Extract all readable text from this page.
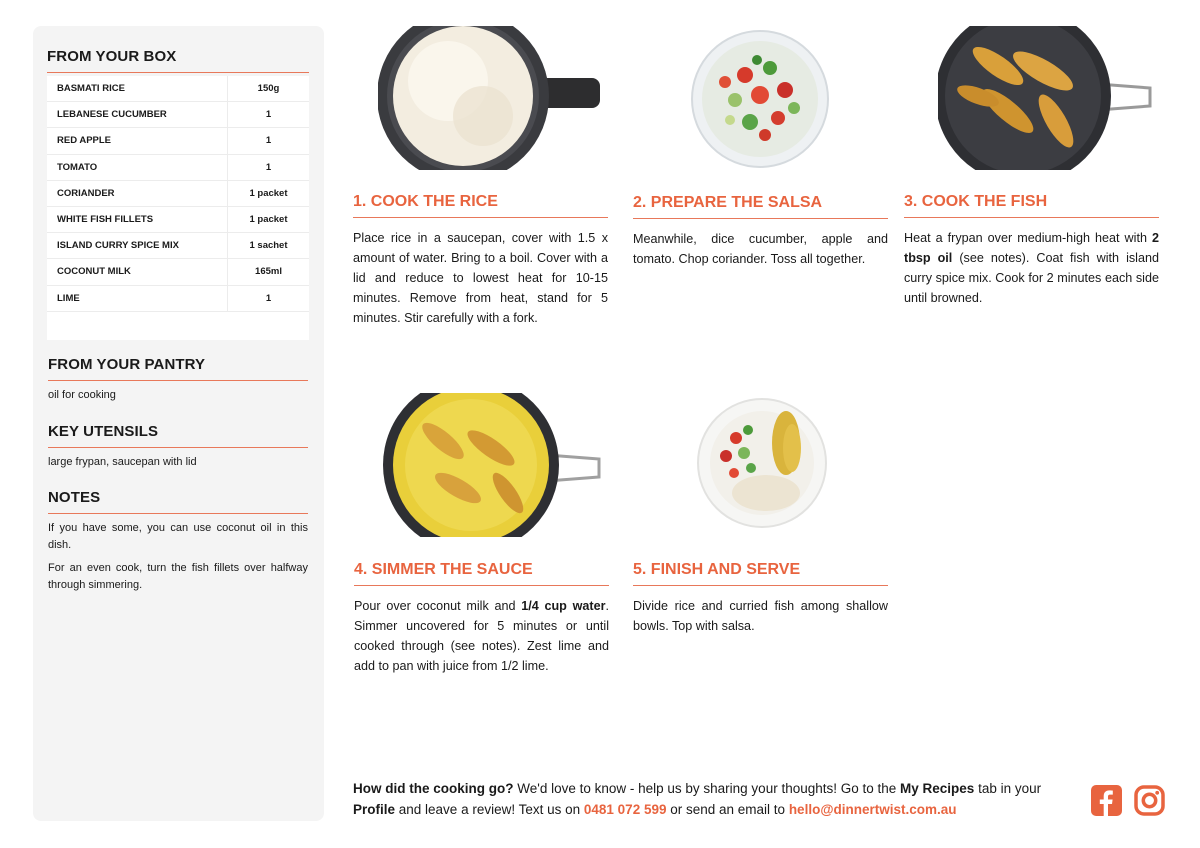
FROM YOUR BOX
BASMATI RICE	150g
LEBANESE CUCUMBER	1
RED APPLE	1
TOMATO	1
CORIANDER	1 packet
WHITE FISH FILLETS	1 packet
ISLAND CURRY SPICE MIX	1 sachet
COCONUT MILK	165ml
LIME	1
FROM YOUR PANTRY
oil for cooking
KEY UTENSILS
large frypan, saucepan with lid
NOTES
If you have some, you can use coconut oil in this dish.
For an even cook, turn the fish fillets over halfway through simmering.
1. COOK THE RICE
Place rice in a saucepan, cover with 1.5 x amount of water. Bring to a boil. Cover with a lid and reduce to lowest heat for 10-15 minutes. Remove from heat, stand for 5 minutes. Stir carefully with a fork.
2. PREPARE THE SALSA
Meanwhile, dice cucumber, apple and tomato. Chop coriander. Toss all together.
3. COOK THE FISH
Heat a frypan over medium-high heat with 2 tbsp oil (see notes). Coat fish with island curry spice mix. Cook for 2 minutes each side until browned.
4. SIMMER THE SAUCE
Pour over coconut milk and 1/4 cup water. Simmer uncovered for 5 minutes or until cooked through (see notes). Zest lime and add to pan with juice from 1/2 lime.
5. FINISH AND SERVE
Divide rice and curried fish among shallow bowls. Top with salsa.
How did the cooking go? We'd love to know - help us by sharing your thoughts! Go to the My Recipes tab in your Profile and leave a review! Text us on 0481 072 599 or send an email to hello@dinnertwist.com.au
